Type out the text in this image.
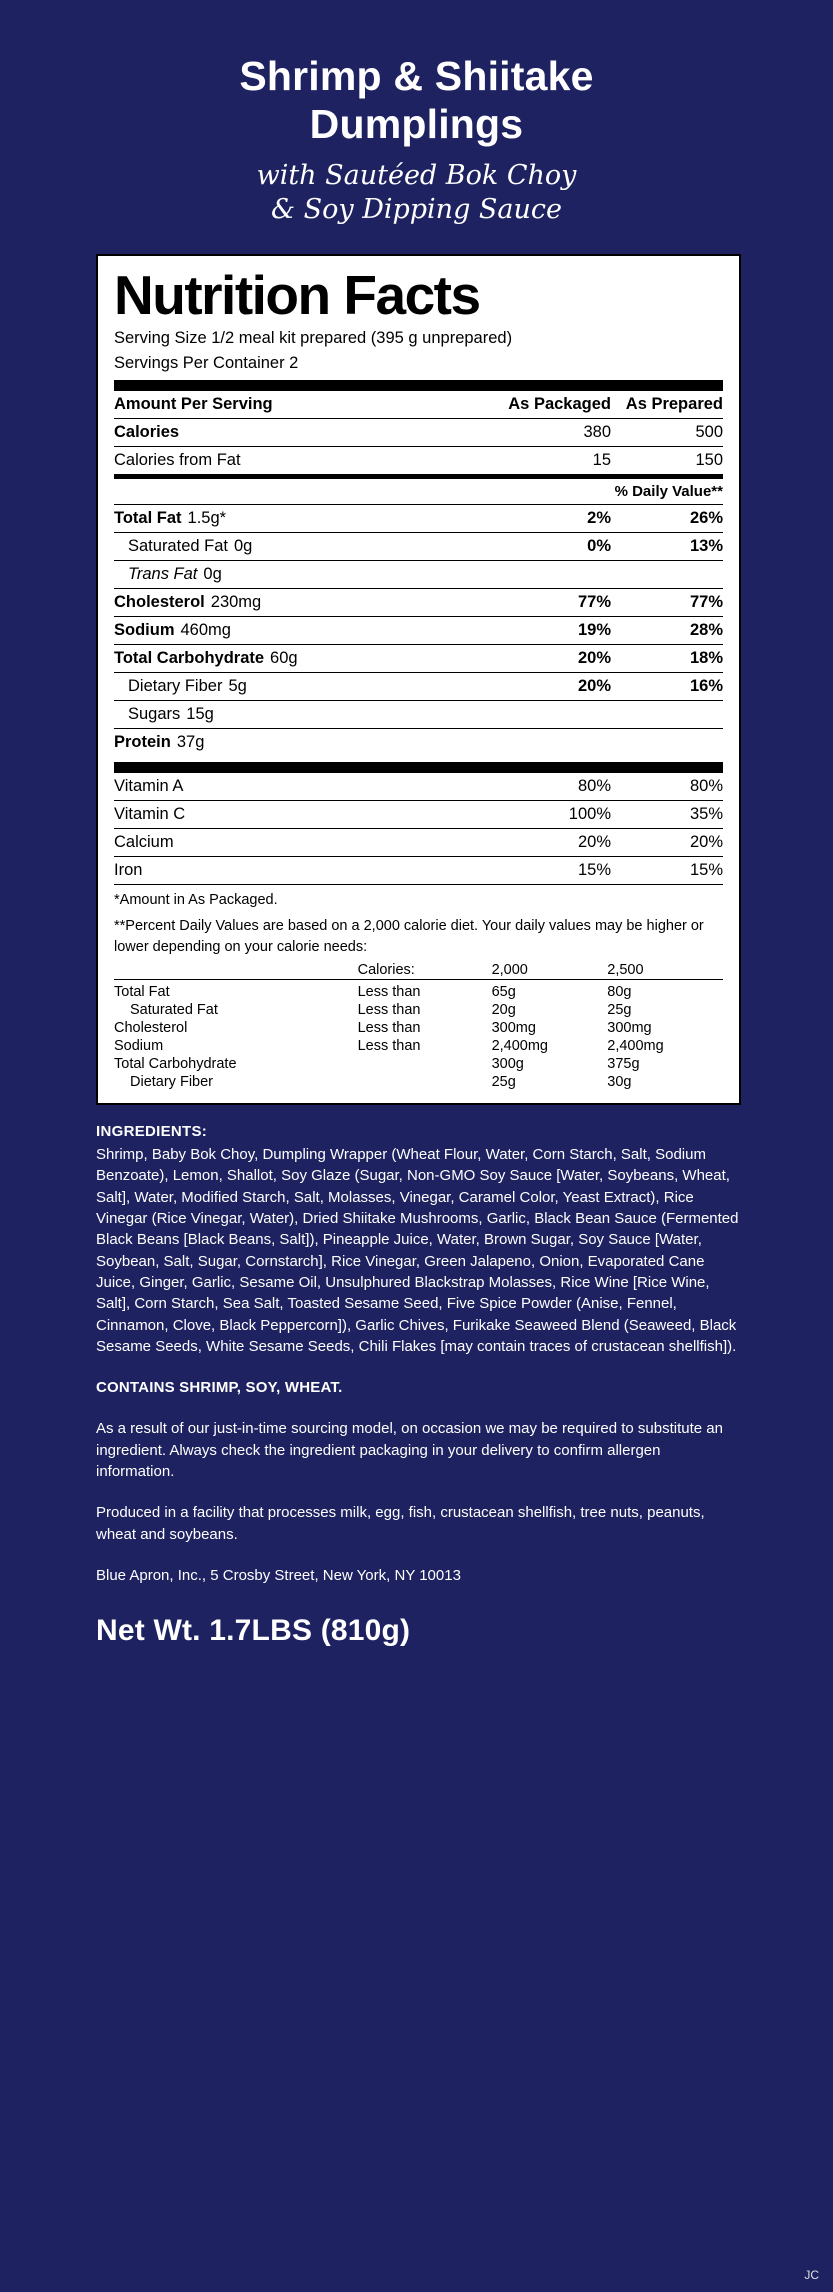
Shrimp & Shiitake
Dumplings
with Sautéed Bok Choy
& Soy Dipping Sauce
Nutrition Facts
Serving Size 1/2 meal kit prepared (395 g unprepared)
Servings Per Container 2
Amount Per Serving	As Packaged	As Prepared
Calories	380	500
Calories from Fat	15	150
% Daily Value**		
Total Fat 1.5g*	2%	26%
Saturated Fat 0g	0%	13%
Trans Fat 0g		
Cholesterol 230mg	77%	77%
Sodium 460mg	19%	28%
Total Carbohydrate 60g	20%	18%
Dietary Fiber 5g	20%	16%
Sugars 15g		
Protein 37g		
Vitamin A	80%	80%
Vitamin C	100%	35%
Calcium	20%	20%
Iron	15%	15%
*Amount in As Packaged.
**Percent Daily Values are based on a 2,000 calorie diet. Your daily values may be higher or lower depending on your calorie needs:
	Calories:	2,000	2,500

Total Fat	Less than	65g	80g
Saturated Fat	Less than	20g	25g
Cholesterol	Less than	300mg	300mg
Sodium	Less than	2,400mg	2,400mg
Total Carbohydrate		300g	375g
Dietary Fiber		25g	30g
INGREDIENTS:
Shrimp, Baby Bok Choy, Dumpling Wrapper (Wheat Flour, Water, Corn Starch, Salt, Sodium Benzoate), Lemon, Shallot, Soy Glaze (Sugar, Non-GMO Soy Sauce [Water, Soybeans, Wheat, Salt], Water, Modified Starch, Salt, Molasses, Vinegar, Caramel Color, Yeast Extract), Rice Vinegar (Rice Vinegar, Water), Dried Shiitake Mushrooms, Garlic, Black Bean Sauce (Fermented Black Beans [Black Beans, Salt]), Pineapple Juice, Water, Brown Sugar, Soy Sauce [Water, Soybean, Salt, Sugar, Cornstarch], Rice Vinegar, Green Jalapeno, Onion, Evaporated Cane Juice, Ginger, Garlic, Sesame Oil, Unsulphured Blackstrap Molasses, Rice Wine [Rice Wine, Salt], Corn Starch, Sea Salt, Toasted Sesame Seed, Five Spice Powder (Anise, Fennel, Cinnamon, Clove, Black Peppercorn]), Garlic Chives, Furikake Seaweed Blend (Seaweed, Black Sesame Seeds, White Sesame Seeds, Chili Flakes [may contain traces of crustacean shellfish]).
CONTAINS SHRIMP, SOY, WHEAT.
As a result of our just-in-time sourcing model, on occasion we may be required to substitute an ingredient. Always check the ingredient packaging in your delivery to confirm allergen information.
Produced in a facility that processes milk, egg, fish, crustacean shellfish, tree nuts, peanuts, wheat and soybeans.
Blue Apron, Inc., 5 Crosby Street, New York, NY 10013
Net Wt. 1.7LBS (810g)
JC
